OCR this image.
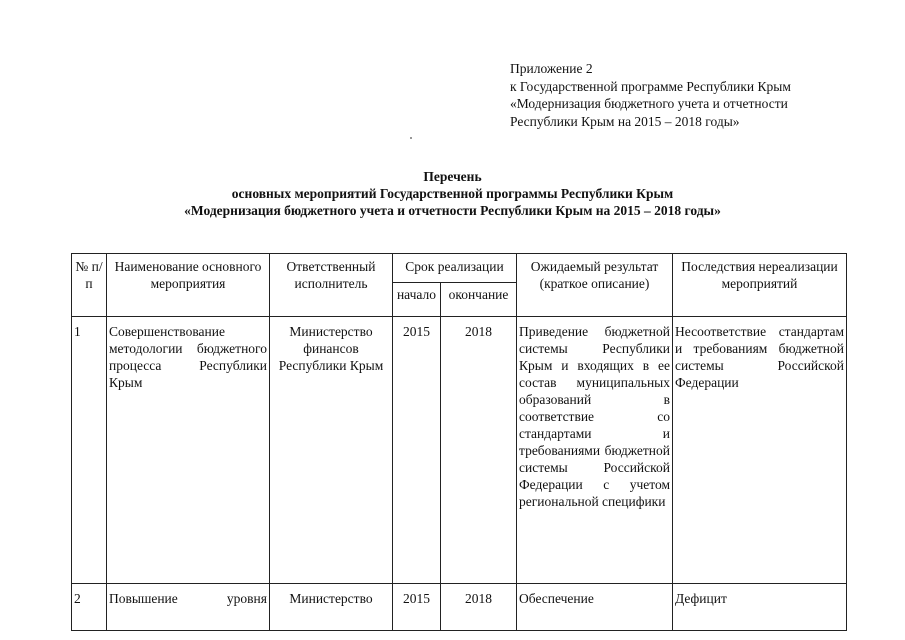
Приложение 2
к Государственной программе Республики Крым
«Модернизация бюджетного учета и отчетности
Республики Крым на 2015 – 2018 годы»
Перечень
основных мероприятий Государственной программы Республики Крым
«Модернизация бюджетного учета и отчетности Республики Крым на 2015 – 2018 годы»
№ п/п	Наименование основного мероприятия	Ответственный исполнитель	Срок реализации		Ожидаемый результат (краткое описание)	Последствия нереализации мероприятий
			начало	окончание		
1	Совершенствование методологии бюджетного процесса Республики Крым	Министерство финансов Республики Крым	2015	2018	Приведение бюджетной системы Республики Крым и входящих в ее состав муниципальных образований в соответствие со стандартами и требованиями бюджетной системы Российской Федерации с учетом региональной специфики	Несоответствие стандартам и требованиям бюджетной системы Российской Федерации
2	Повышение уровня	Министерство	2015	2018	Обеспечение	Дефицит
